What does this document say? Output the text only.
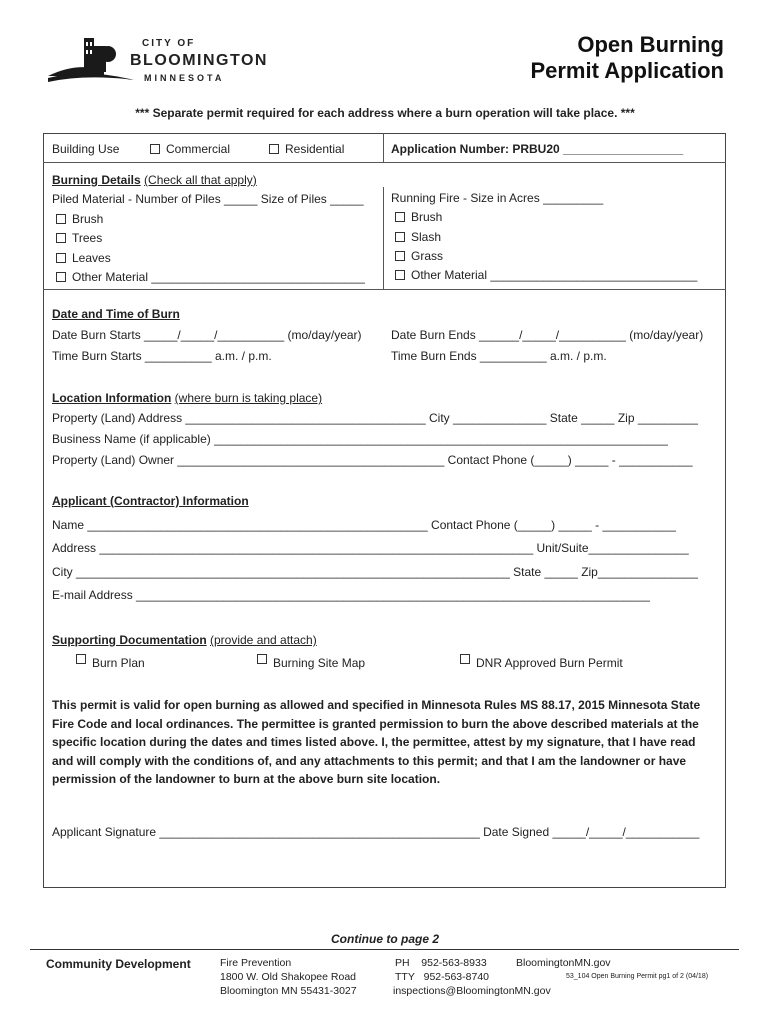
CITY OF
BLOOMINGTON
MINNESOTA
Open Burning
Permit Application
*** Separate permit required for each address where a burn operation will take place. ***
Building Use	Commercial	Residential	Application Number: PRBU20 __________________
Burning Details (Check all that apply)
Piled Material - Number of Piles _____ Size of Piles _____
Brush
Trees
Leaves
Other Material ________________________________
Running Fire - Size in Acres _________
Brush
Slash
Grass
Other Material _______________________________
Date and Time of Burn
Date Burn Starts _____/_____/__________ (mo/day/year) Date Burn Ends ______/_____/__________ (mo/day/year)
Time Burn Starts __________ a.m. / p.m.	Time Burn Ends __________ a.m. / p.m.
Location Information (where burn is taking place)
Property (Land) Address ____________________________________ City ______________ State _____ Zip _________
Business Name (if applicable) ____________________________________________________________________
Property (Land) Owner ________________________________________ Contact Phone (_____) _____ - ___________
Applicant (Contractor) Information
Name ___________________________________________________ Contact Phone (_____) _____ - ___________
Address _________________________________________________________________ Unit/Suite_______________
City _________________________________________________________________ State _____ Zip_______________
E-mail Address _____________________________________________________________________________
Supporting Documentation (provide and attach)
Burn Plan	Burning Site Map	DNR Approved Burn Permit
This permit is valid for open burning as allowed and specified in Minnesota Rules MS 88.17, 2015 Minnesota State Fire Code and local ordinances. The permittee is granted permission to burn the above described materials at the specific location during the dates and times listed above. I, the permittee, attest by my signature, that I have read and will comply with the conditions of, and any attachments to this permit; and that I am the landowner or have permission of the landowner to burn at the above burn site location.
Applicant Signature ________________________________________________ Date Signed _____/_____/___________
Continue to page 2
Community Development	Fire Prevention
1800 W. Old Shakopee Road
Bloomington MN 55431-3027
PH 952-563-8933
TTY 952-563-8740
inspections@BloomingtonMN.gov
BloomingtonMN.gov
53_104 Open Burning Permit pg1 of 2 (04/18)
